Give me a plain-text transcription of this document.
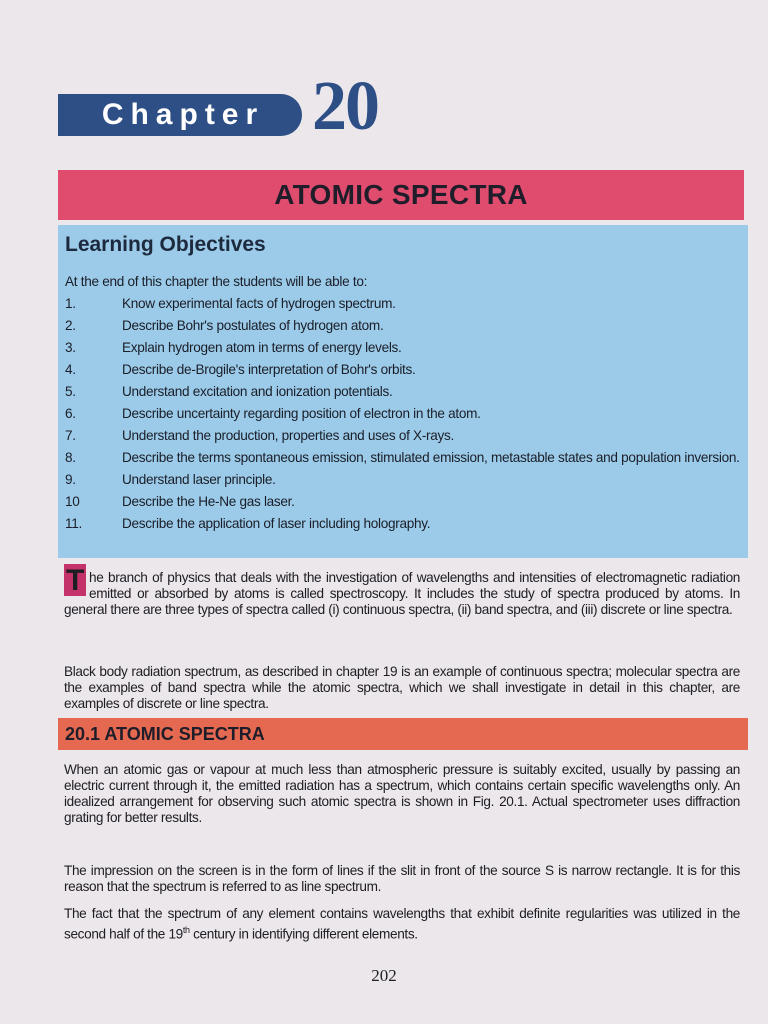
Chapter 20
ATOMIC SPECTRA
Learning Objectives
At the end of this chapter the students will be able to:
1.	Know experimental facts of hydrogen spectrum.
2.	Describe Bohr's postulates of hydrogen atom.
3.	Explain hydrogen atom in terms of energy levels.
4.	Describe de-Brogile's interpretation of Bohr's orbits.
5.	Understand excitation and ionization potentials.
6.	Describe uncertainty regarding position of electron in the atom.
7.	Understand the production, properties and uses of X-rays.
8.	Describe the terms spontaneous emission, stimulated emission, metastable states and population inversion.
9.	Understand laser principle.
10	Describe the He-Ne gas laser.
11.	Describe the application of laser including holography.
T he branch of physics that deals with the investigation of wavelengths and intensities of electromagnetic radiation emitted or absorbed by atoms is called spectroscopy. It includes the study of spectra produced by atoms. In general there are three types of spectra called (i) continuous spectra, (ii) band spectra, and (iii) discrete or line spectra.
Black body radiation spectrum, as described in chapter 19 is an example of continuous spectra; molecular spectra are the examples of band spectra while the atomic spectra, which we shall investigate in detail in this chapter, are examples of discrete or line spectra.
20.1 ATOMIC SPECTRA
When an atomic gas or vapour at much less than atmospheric pressure is suitably excited, usually by passing an electric current through it, the emitted radiation has a spectrum, which contains certain specific wavelengths only. An idealized arrangement for observing such atomic spectra is shown in Fig. 20.1. Actual spectrometer uses diffraction grating for better results.
The impression on the screen is in the form of lines if the slit in front of the source S is narrow rectangle. It is for this reason that the spectrum is referred to as line spectrum.
The fact that the spectrum of any element contains wavelengths that exhibit definite regularities was utilized in the second half of the 19th century in identifying different elements.
202
